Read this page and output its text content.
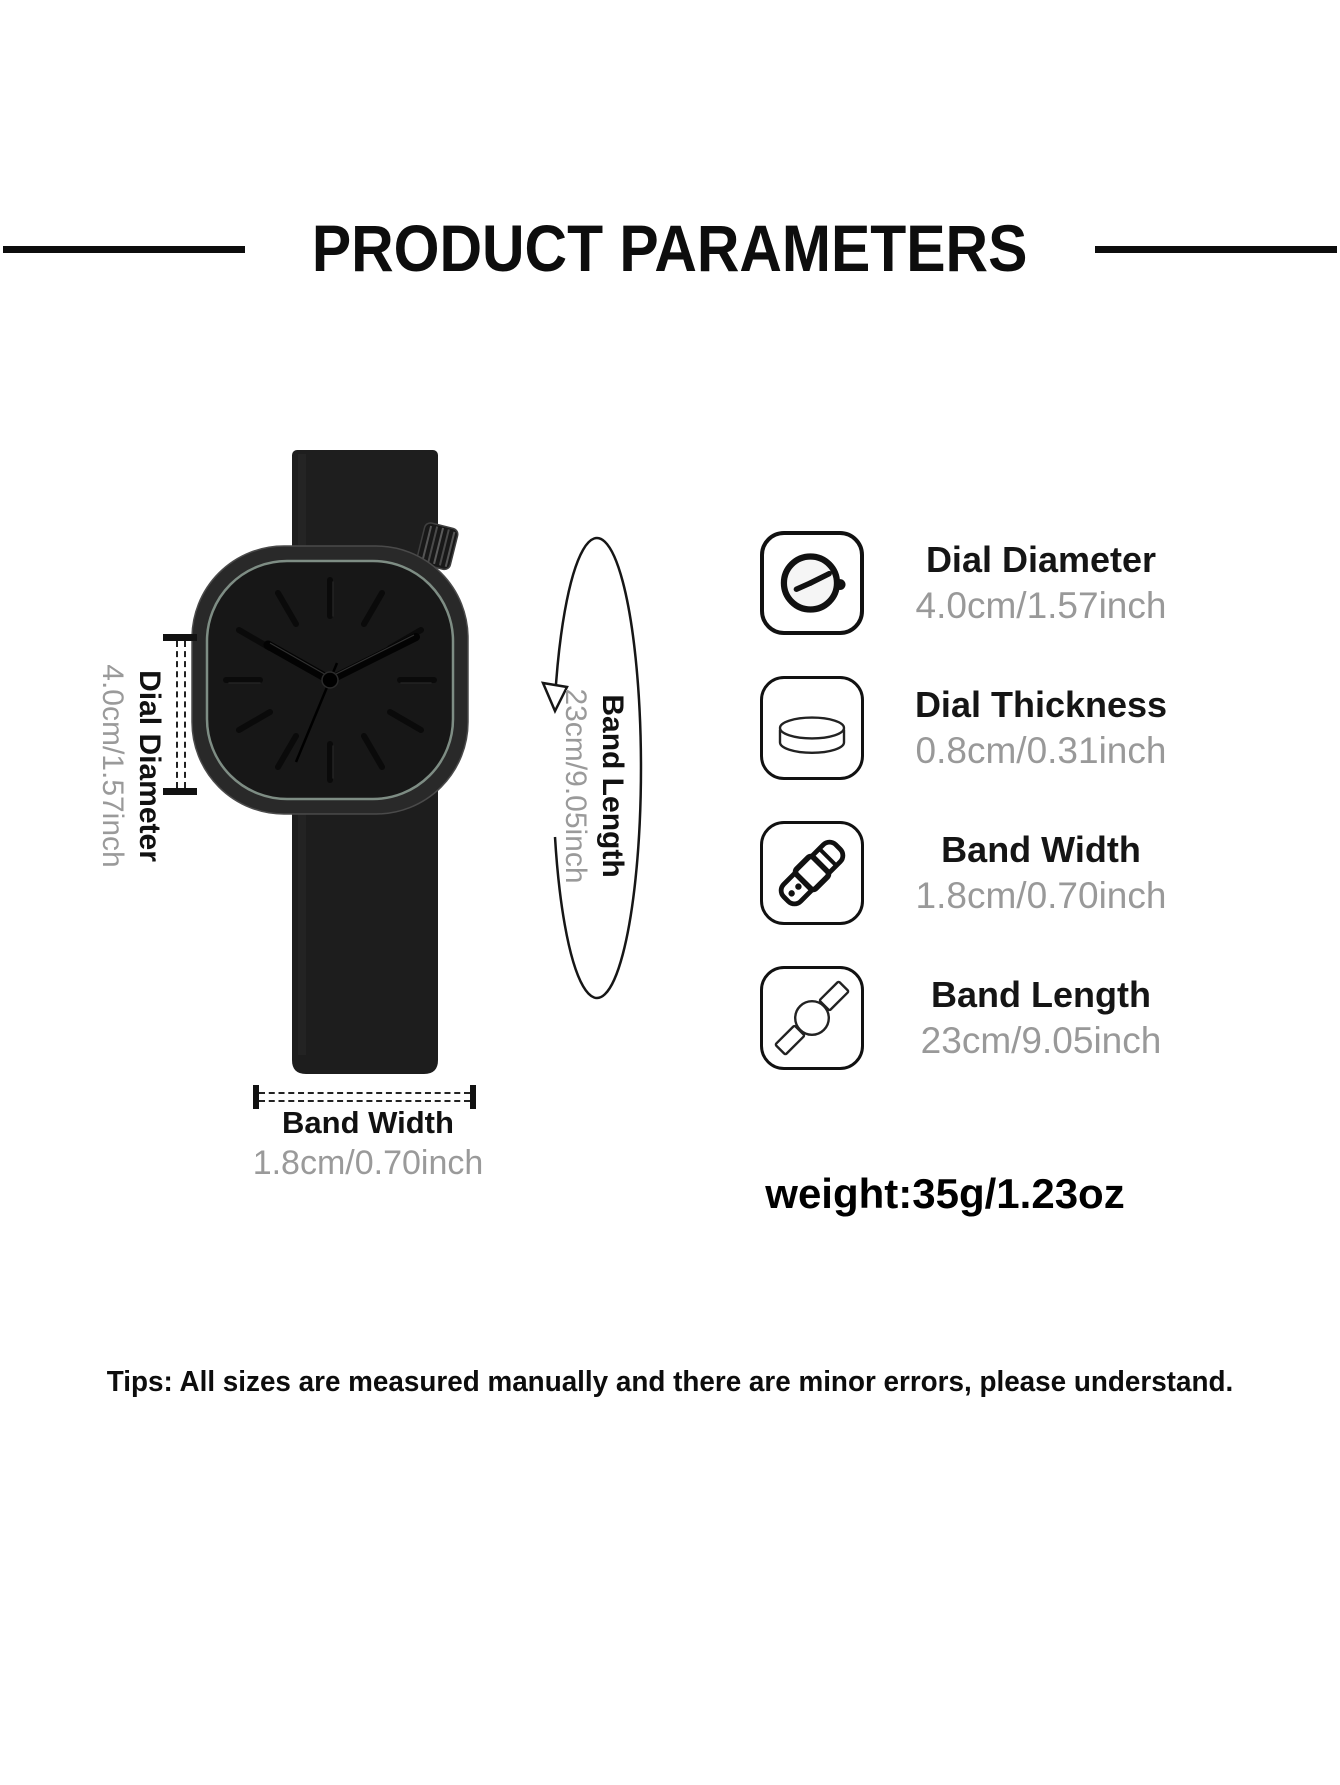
PRODUCT PARAMETERS
Dial Diameter
4.0cm/1.57inch	Band Length
23cm/9.05inch
Band Width
1.8cm/0.70inch
Dial Diameter
4.0cm/1.57inch
Dial Thickness
0.8cm/0.31inch
Band Width
1.8cm/0.70inch
Band Length
23cm/9.05inch
weight:35g/1.23oz
Tips: All sizes are measured manually and there are minor errors, please understand.
